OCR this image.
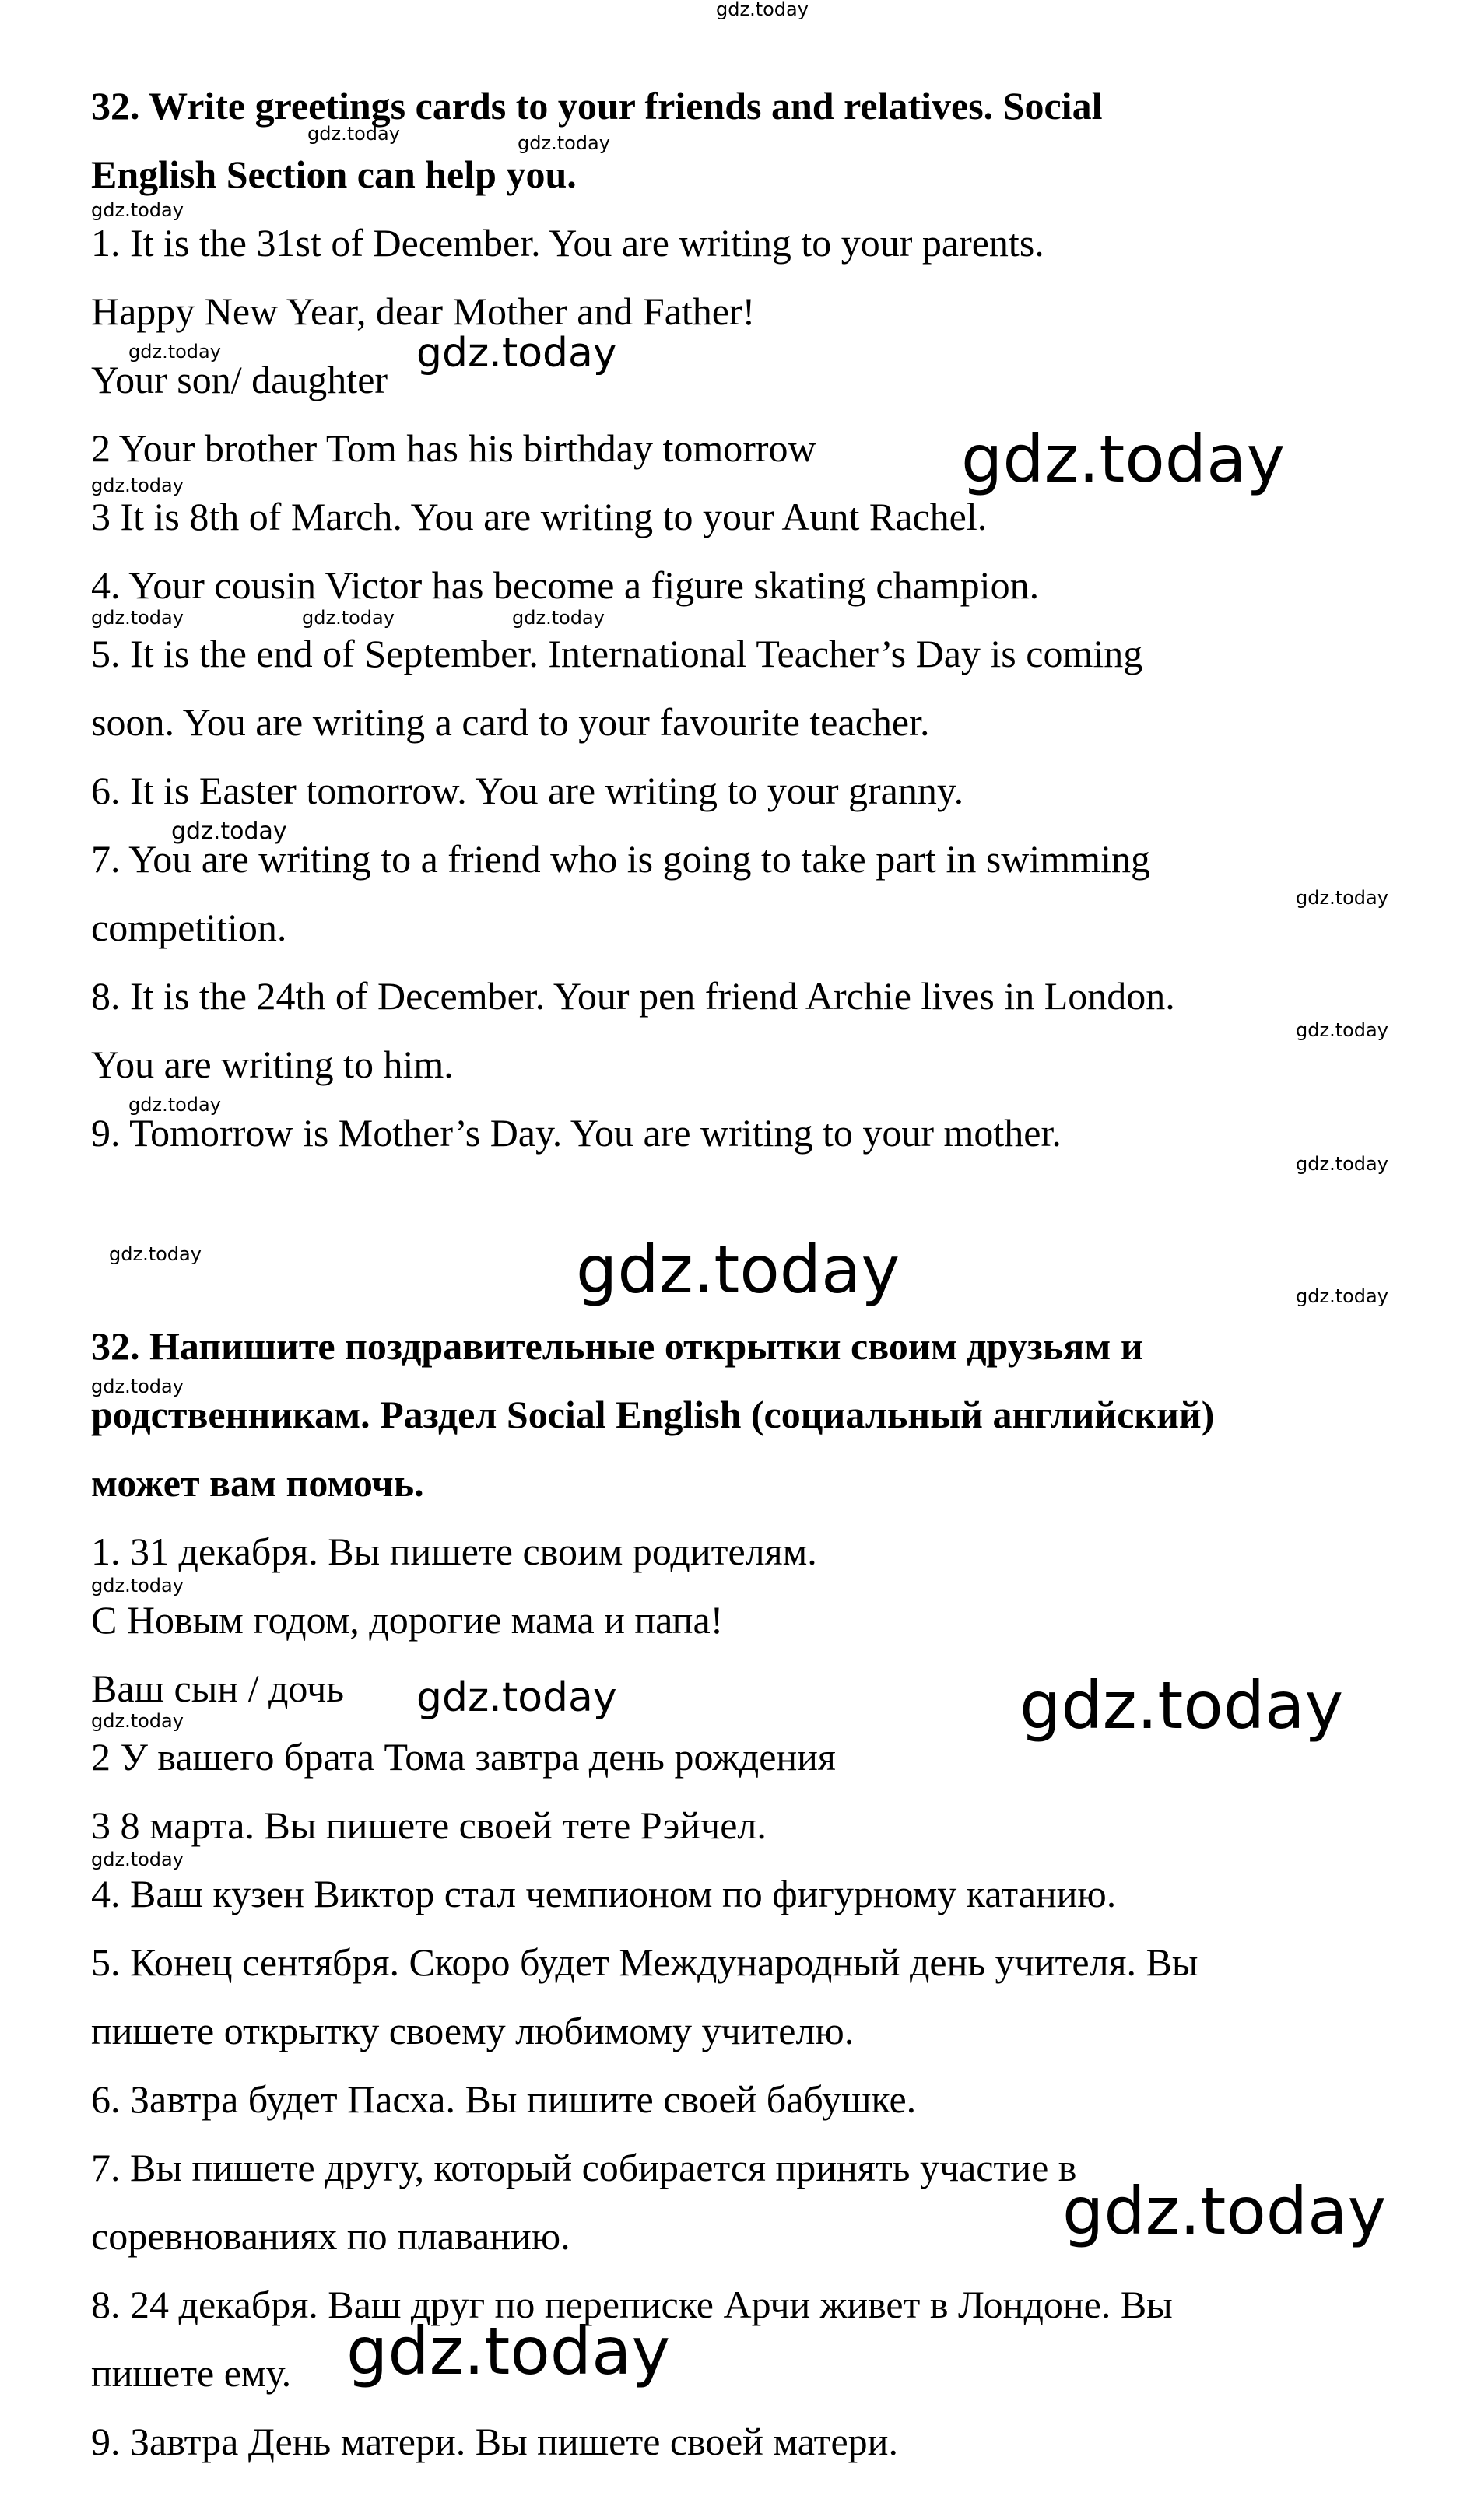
32. Write greetings cards to your friends and relatives. Social

English Section can help you.

1. It is the 31st of December. You are writing to your parents.

Happy New Year, dear Mother and Father!

Your son/ daughter

2 Your brother Tom has his birthday tomorrow

3 It is 8th of March. You are writing to your Aunt Rachel.

4. Your cousin Victor has become a figure skating champion.

5. It is the end of September. International Teacher’s Day is coming

soon. You are writing a card to your favourite teacher.

6. It is Easter tomorrow. You are writing to your granny.

7. You are writing to a friend who is going to take part in swimming

competition.

8. It is the 24th of December. Your pen friend Archie lives in London.

You are writing to him.

9. Tomorrow is Mother’s Day. You are writing to your mother.

32. Напишите поздравительные открытки своим друзьям и

родственникам. Раздел Social English (социальный английский)

может вам помочь.

1. 31 декабря. Вы пишете своим родителям.

С Новым годом, дорогие мама и папа!

Ваш сын / дочь

2 У вашего брата Тома завтра день рождения

3 8 марта. Вы пишете своей тете Рэйчел.

4. Ваш кузен Виктор стал чемпионом по фигурному катанию.

5. Конец сентября. Скоро будет Международный день учителя. Вы

пишете открытку своему любимому учителю.

6. Завтра будет Пасха. Вы пишите своей бабушке.

7. Вы пишете другу, который собирается принять участие в

соревнованиях по плаванию.

8. 24 декабря. Ваш друг по переписке Арчи живет в Лондоне. Вы

пишете ему.

9. Завтра День матери. Вы пишете своей матери.

gdz.today
gdz.today	gdz.today
gdz.today
gdz.today	gdz.today
gdz.today
gdz.today
gdz.today	gdz.today	gdz.today
gdz.today
gdz.today
gdz.today
gdz.today
gdz.today
gdz.today	gdz.today	gdz.today
gdz.today
gdz.today
gdz.today	gdz.today
gdz.today
gdz.today
gdz.today
gdz.today
